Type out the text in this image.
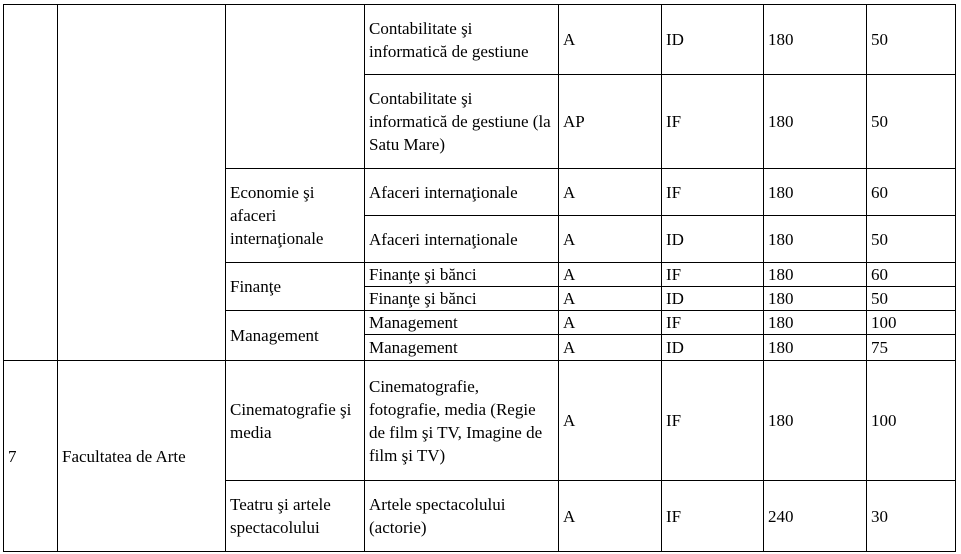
			Contabilitate şi informatică de gestiune	A	ID	180	50
			Contabilitate şi informatică de gestiune (la Satu Mare)	AP	IF	180	50
		Economie şi afaceri internaţionale	Afaceri internaţionale	A	IF	180	60
			Afaceri internaţionale	A	ID	180	50
		Finanţe	Finanţe şi bănci	A	IF	180	60
			Finanţe şi bănci	A	ID	180	50
		Management	Management	A	IF	180	100
			Management	A	ID	180	75
7	Facultatea de Arte	Cinematografie şi media	Cinematografie, fotografie, media (Regie de film şi TV, Imagine de film şi TV)	A	IF	180	100
		Teatru şi artele spectacolului	Artele spectacolului (actorie)	A	IF	240	30
